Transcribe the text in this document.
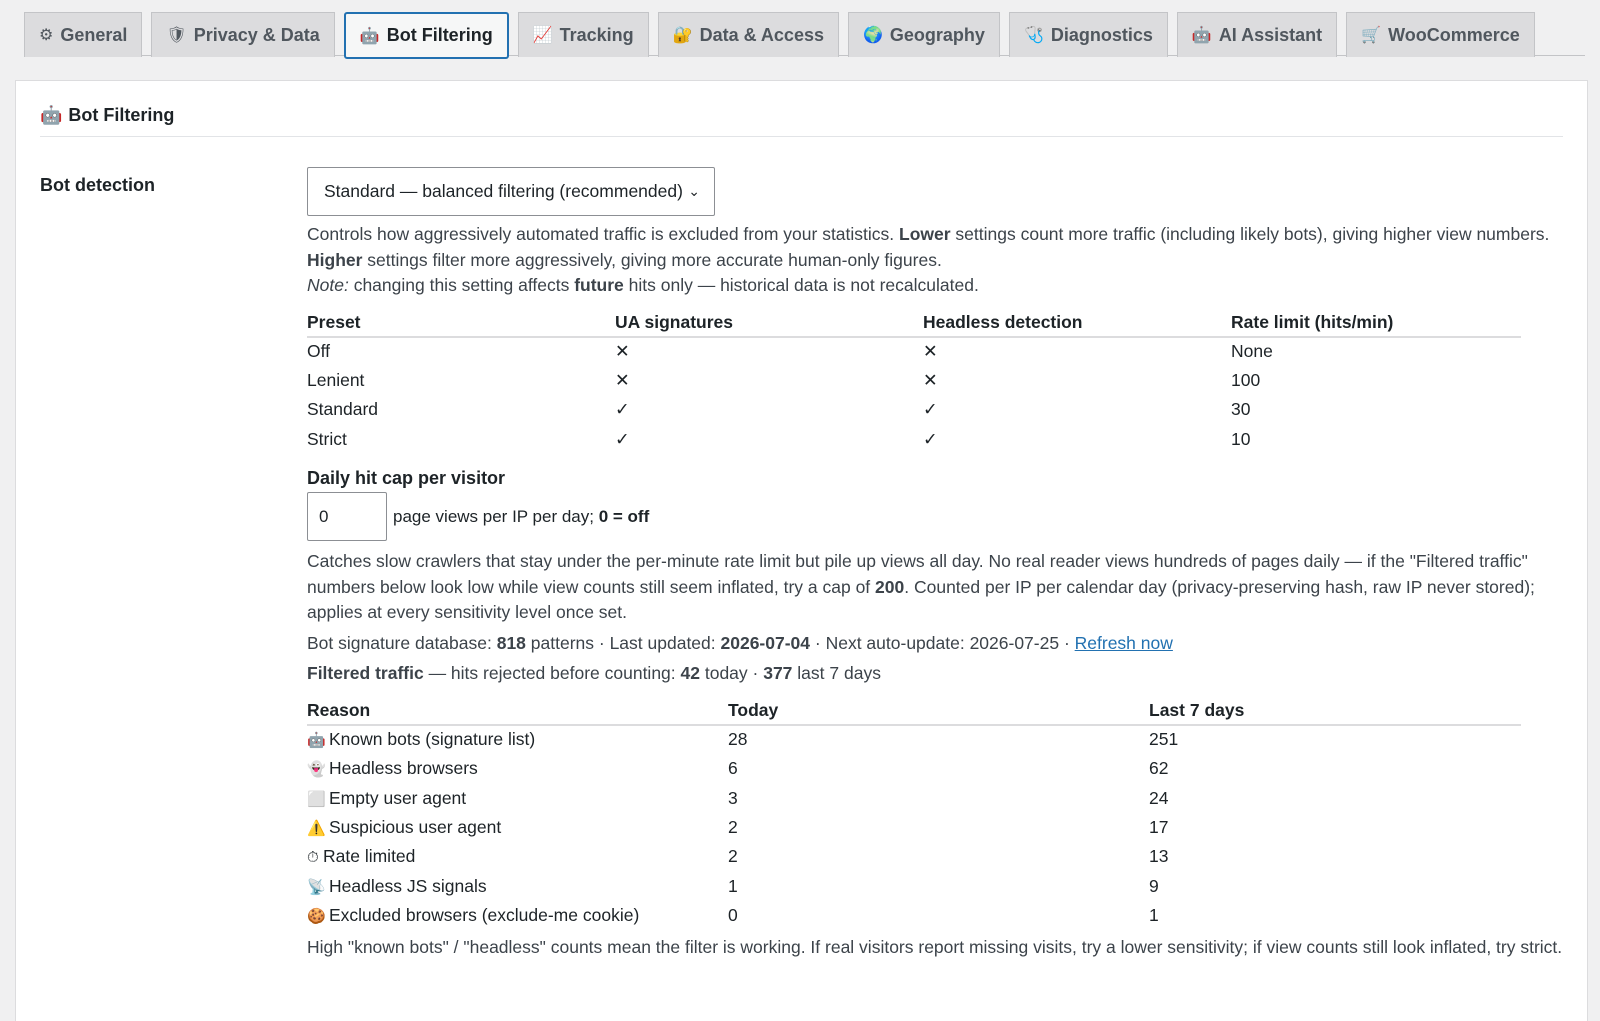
⚙ General 🛡 Privacy & Data	🤖 Bot Filtering	📈 Tracking 🔐 Data & Access 🌍 Geography 🩺 Diagnostics 🤖 AI Assistant 🛒 WooCommerce
🤖 Bot Filtering
Bot detection	Standard — balanced filtering (recommended) ⌄

Controls how aggressively automated traffic is excluded from your statistics. Lower settings count more traffic (including likely bots), giving higher view numbers. Higher settings filter more aggressively, giving more accurate human-only figures.
Note: changing this setting affects future hits only — historical data is not recalculated.

Preset	UA signatures	Headless detection	Rate limit (hits/min)
Off	✕	✕	None
Lenient	✕	✕	100
Standard	✓	✓	30
Strict	✓	✓	10
Daily hit cap per visitor
0
page views per IP per day; 0 = off

Catches slow crawlers that stay under the per-minute rate limit but pile up views all day. No real reader views hundreds of pages daily — if the "Filtered traffic" numbers below look low while view counts still seem inflated, try a cap of 200. Counted per IP per calendar day (privacy-preserving hash, raw IP never stored); applies at every sensitivity level once set.

Bot signature database: 818 patterns · Last updated: 2026-07-04 · Next auto-update: 2026-07-25 · Refresh now

Filtered traffic — hits rejected before counting: 42 today · 377 last 7 days

Reason	Today	Last 7 days
🤖 Known bots (signature list)	28	251
👻 Headless browsers	6	62
⬜ Empty user agent	3	24
⚠️ Suspicious user agent	2	17
⏱ Rate limited	2	13
📡 Headless JS signals	1	9
🍪 Excluded browsers (exclude-me cookie)	0	1

High "known bots" / "headless" counts mean the filter is working. If real visitors report missing visits, try a lower sensitivity; if view counts still look inflated, try strict.
